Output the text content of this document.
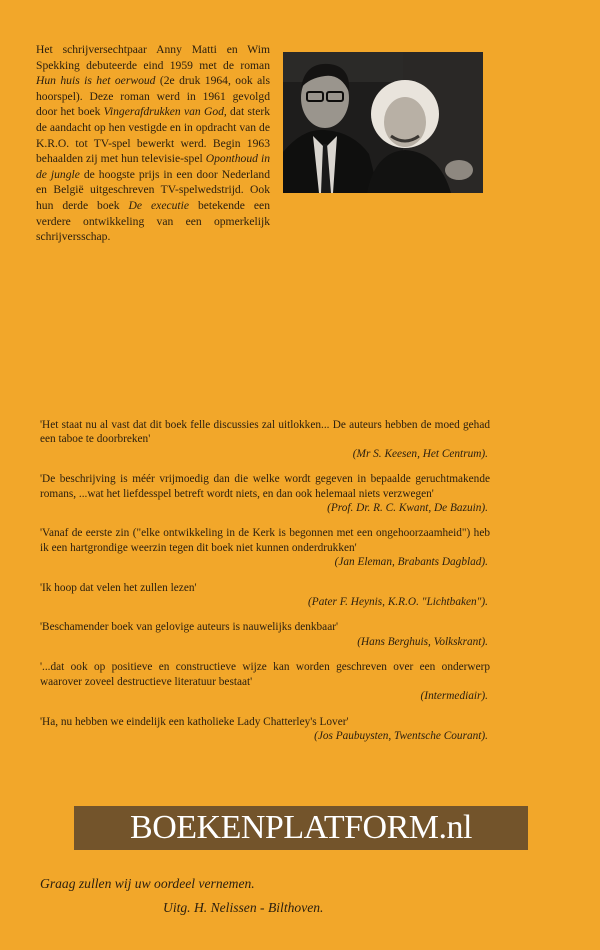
Het schrijversechtpaar Anny Matti en Wim Spekking debuteerde eind 1959 met de roman Hun huis is het oerwoud (2e druk 1964, ook als hoorspel). Deze roman werd in 1961 gevolgd door het boek Vingerafdrukken van God, dat sterk de aandacht op hen vestigde en in opdracht van de K.R.O. tot TV-spel bewerkt werd. Begin 1963 behaalden zij met hun televisie-spel Oponthoud in de jungle de hoogste prijs in een door Nederland en België uitgeschreven TV-spelwedstrijd. Ook hun derde boek De executie betekende een verdere ontwikkeling van een opmerkelijk schrijversschap.
'Het staat nu al vast dat dit boek felle discussies zal uitlokken... De auteurs hebben de moed gehad een taboe te doorbreken'
(Mr S. Keesen, Het Centrum).
'De beschrijving is méér vrijmoedig dan die welke wordt gegeven in bepaalde geruchtmakende romans, ...wat het liefdesspel betreft wordt niets, en dan ook helemaal niets verzwegen'
(Prof. Dr. R. C. Kwant, De Bazuin).
'Vanaf de eerste zin ("elke ontwikkeling in de Kerk is begonnen met een ongehoorzaamheid") heb ik een hartgrondige weerzin tegen dit boek niet kunnen onderdrukken'
(Jan Eleman, Brabants Dagblad).
'Ik hoop dat velen het zullen lezen'
(Pater F. Heynis, K.R.O. "Lichtbaken").
'Beschamender boek van gelovige auteurs is nauwelijks denkbaar'
(Hans Berghuis, Volkskrant).
'...dat ook op positieve en constructieve wijze kan worden geschreven over een onderwerp waarover zoveel destructieve literatuur bestaat'
(Intermediair).
'Ha, nu hebben we eindelijk een katholieke Lady Chatterley's Lover'
(Jos Paubuysten, Twentsche Courant).
Graag zullen wij uw oordeel vernemen.
Uitg. H. Nelissen - Bilthoven.
BOEKENPLATFORM.nl
